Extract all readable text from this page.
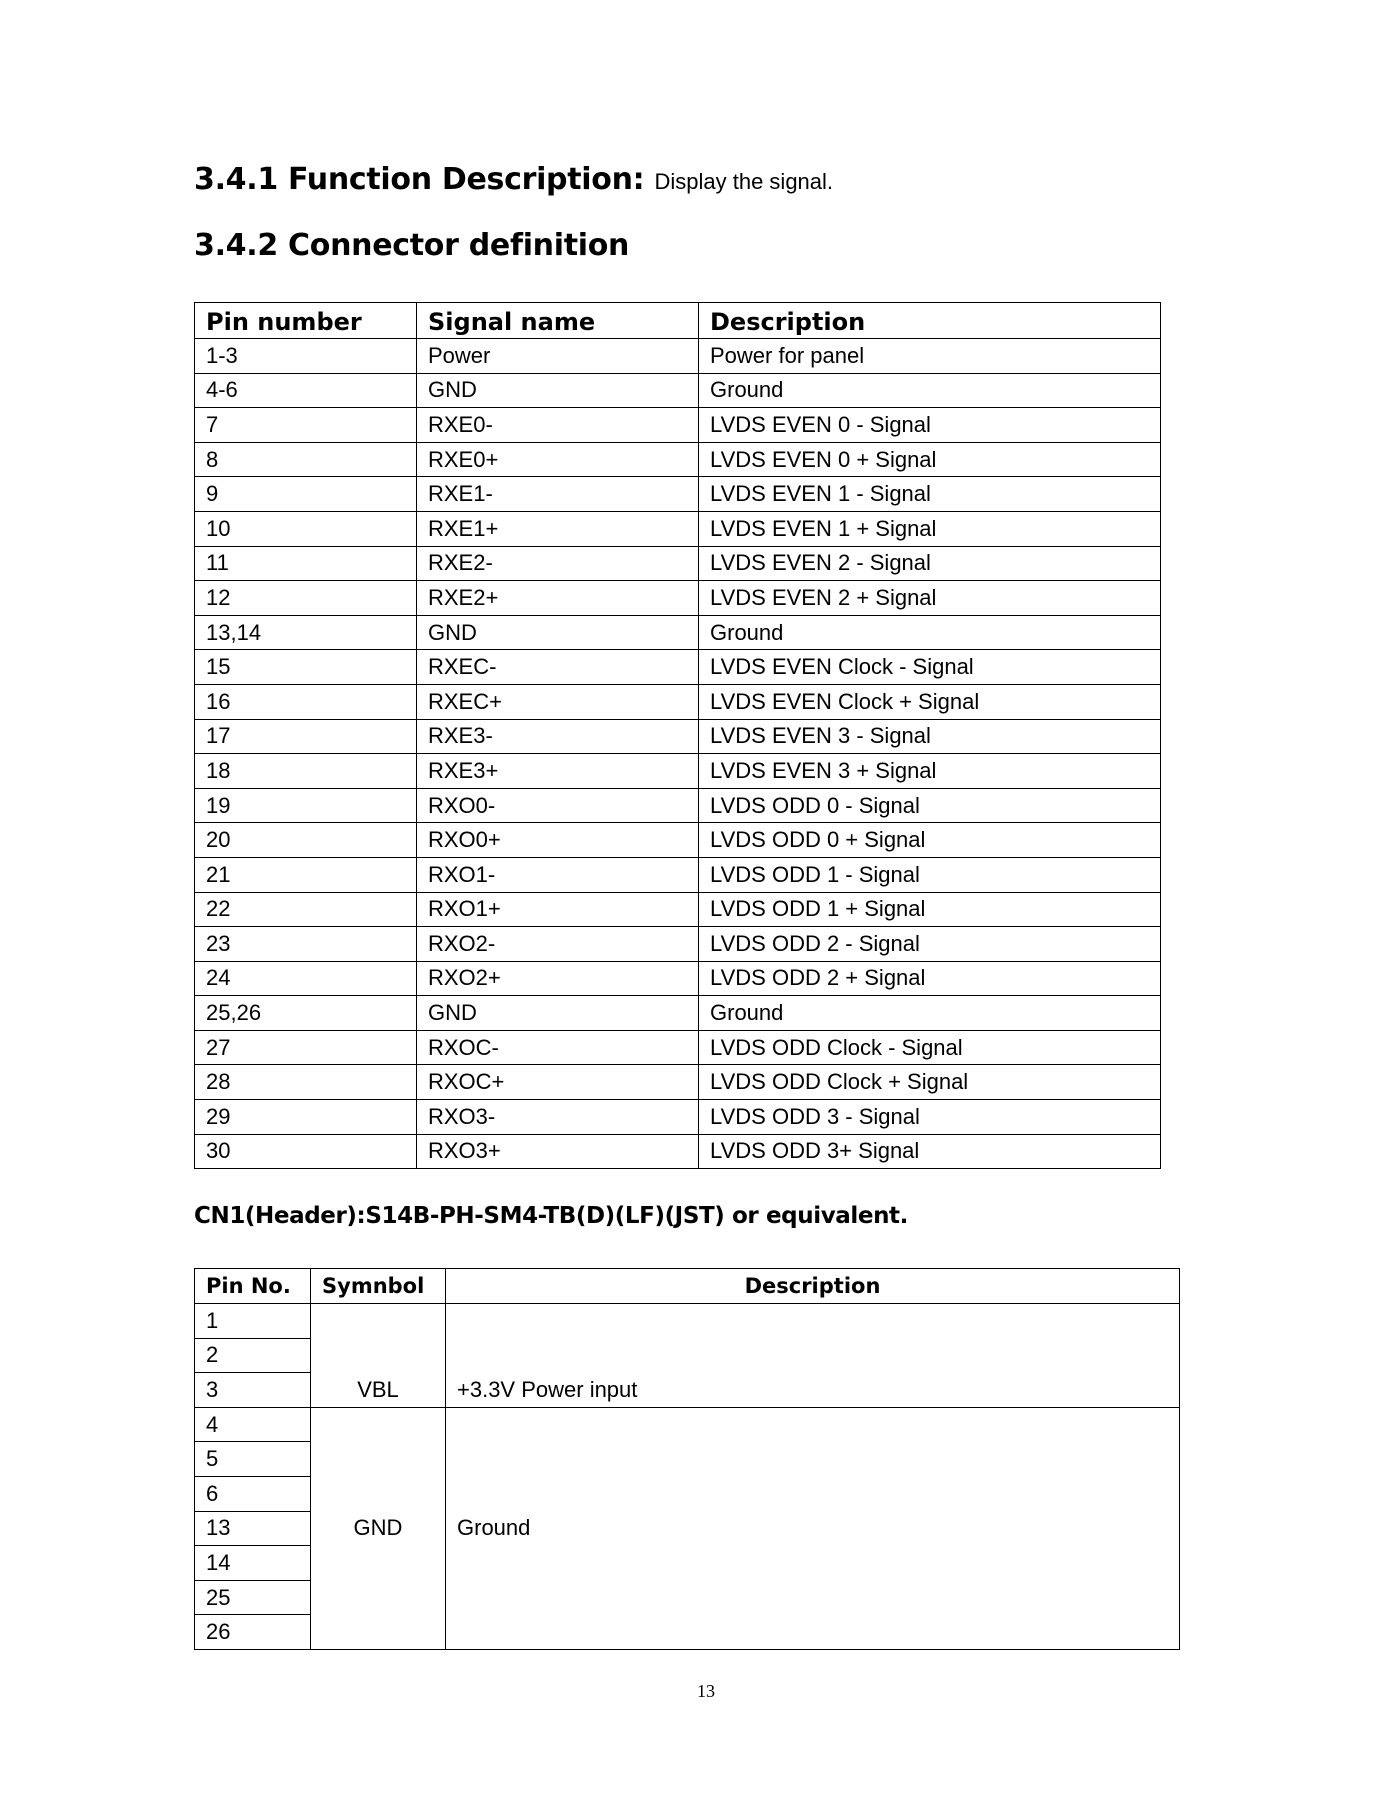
3.4.1 Function Description: Display the signal.
3.4.2 Connector definition
Pin number	Signal name	Description
1-3	Power	Power for panel
4-6	GND	Ground
7	RXE0-	LVDS EVEN 0 - Signal
8	RXE0+	LVDS EVEN 0 + Signal
9	RXE1-	LVDS EVEN 1 - Signal
10	RXE1+	LVDS EVEN 1 + Signal
11	RXE2-	LVDS EVEN 2 - Signal
12	RXE2+	LVDS EVEN 2 + Signal
13,14	GND	Ground
15	RXEC-	LVDS EVEN Clock - Signal
16	RXEC+	LVDS EVEN Clock + Signal
17	RXE3-	LVDS EVEN 3 - Signal
18	RXE3+	LVDS EVEN 3 + Signal
19	RXO0-	LVDS ODD 0 - Signal
20	RXO0+	LVDS ODD 0 + Signal
21	RXO1-	LVDS ODD 1 - Signal
22	RXO1+	LVDS ODD 1 + Signal
23	RXO2-	LVDS ODD 2 - Signal
24	RXO2+	LVDS ODD 2 + Signal
25,26	GND	Ground
27	RXOC-	LVDS ODD Clock - Signal
28	RXOC+	LVDS ODD Clock + Signal
29	RXO3-	LVDS ODD 3 - Signal
30	RXO3+	LVDS ODD 3+ Signal
CN1(Header):S14B-PH-SM4-TB(D)(LF)(JST) or equivalent.
Pin No.	Symnbol	Description
1	VBL	+3.3V Power input
2		
3		
4	GND	Ground
5		
6		
13		
14		
25		
26		
13
